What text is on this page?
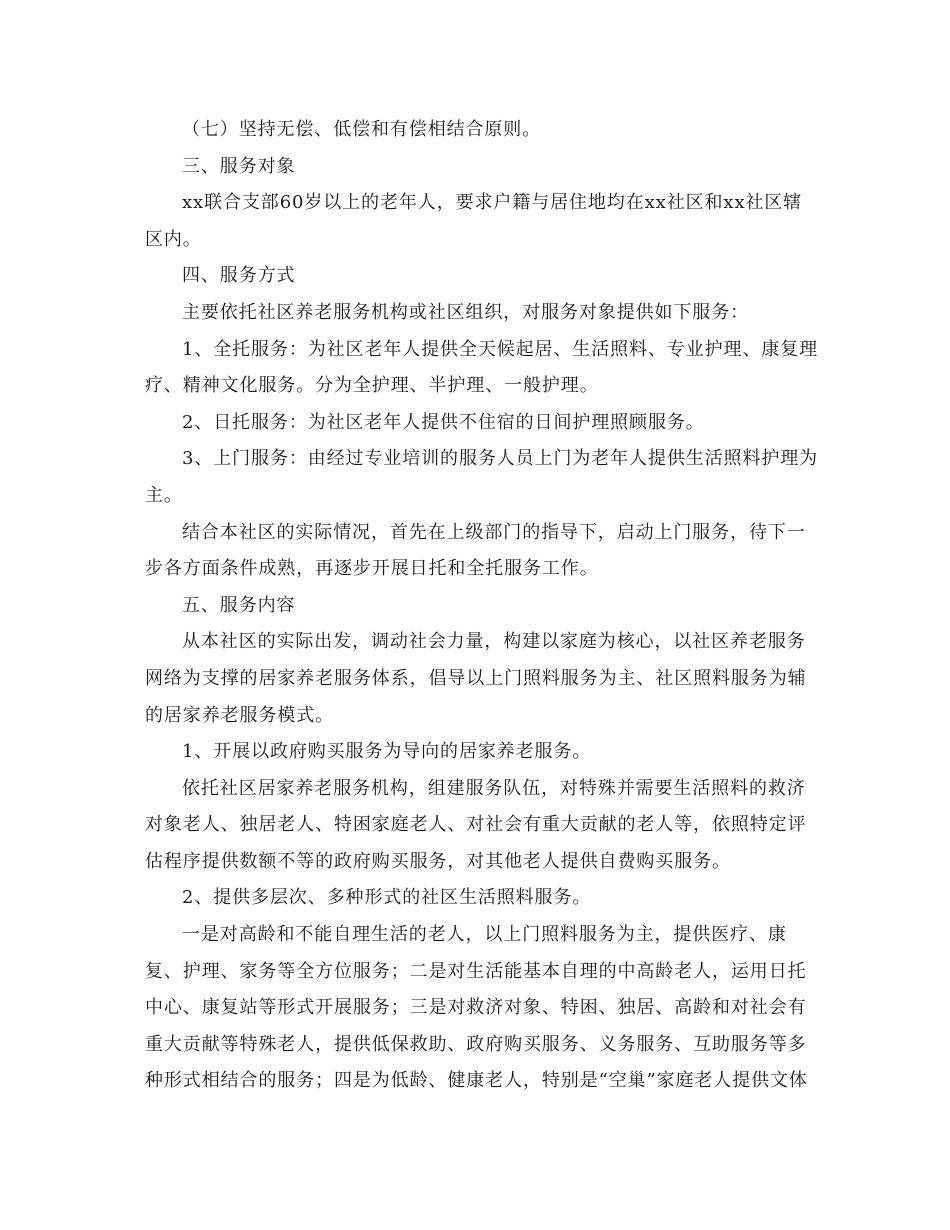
（七）坚持无偿、低偿和有偿相结合原则。
三、服务对象
xx联合支部60岁以上的老年人，要求户籍与居住地均在xx社区和xx社区辖
区内。
四、服务方式
主要依托社区养老服务机构或社区组织，对服务对象提供如下服务：
1、全托服务：为社区老年人提供全天候起居、生活照料、专业护理、康复理
疗、精神文化服务。分为全护理、半护理、一般护理。
2、日托服务：为社区老年人提供不住宿的日间护理照顾服务。
3、上门服务：由经过专业培训的服务人员上门为老年人提供生活照料护理为
主。
结合本社区的实际情况，首先在上级部门的指导下，启动上门服务，待下一
步各方面条件成熟，再逐步开展日托和全托服务工作。
五、服务内容
从本社区的实际出发，调动社会力量，构建以家庭为核心，以社区养老服务
网络为支撑的居家养老服务体系，倡导以上门照料服务为主、社区照料服务为辅
的居家养老服务模式。
1、开展以政府购买服务为导向的居家养老服务。
依托社区居家养老服务机构，组建服务队伍，对特殊并需要生活照料的救济
对象老人、独居老人、特困家庭老人、对社会有重大贡献的老人等，依照特定评
估程序提供数额不等的政府购买服务，对其他老人提供自费购买服务。
2、提供多层次、多种形式的社区生活照料服务。
一是对高龄和不能自理生活的老人，以上门照料服务为主，提供医疗、康
复、护理、家务等全方位服务；二是对生活能基本自理的中高龄老人，运用日托
中心、康复站等形式开展服务；三是对救济对象、特困、独居、高龄和对社会有
重大贡献等特殊老人，提供低保救助、政府购买服务、义务服务、互助服务等多
种形式相结合的服务；四是为低龄、健康老人，特别是“空巢”家庭老人提供文体
